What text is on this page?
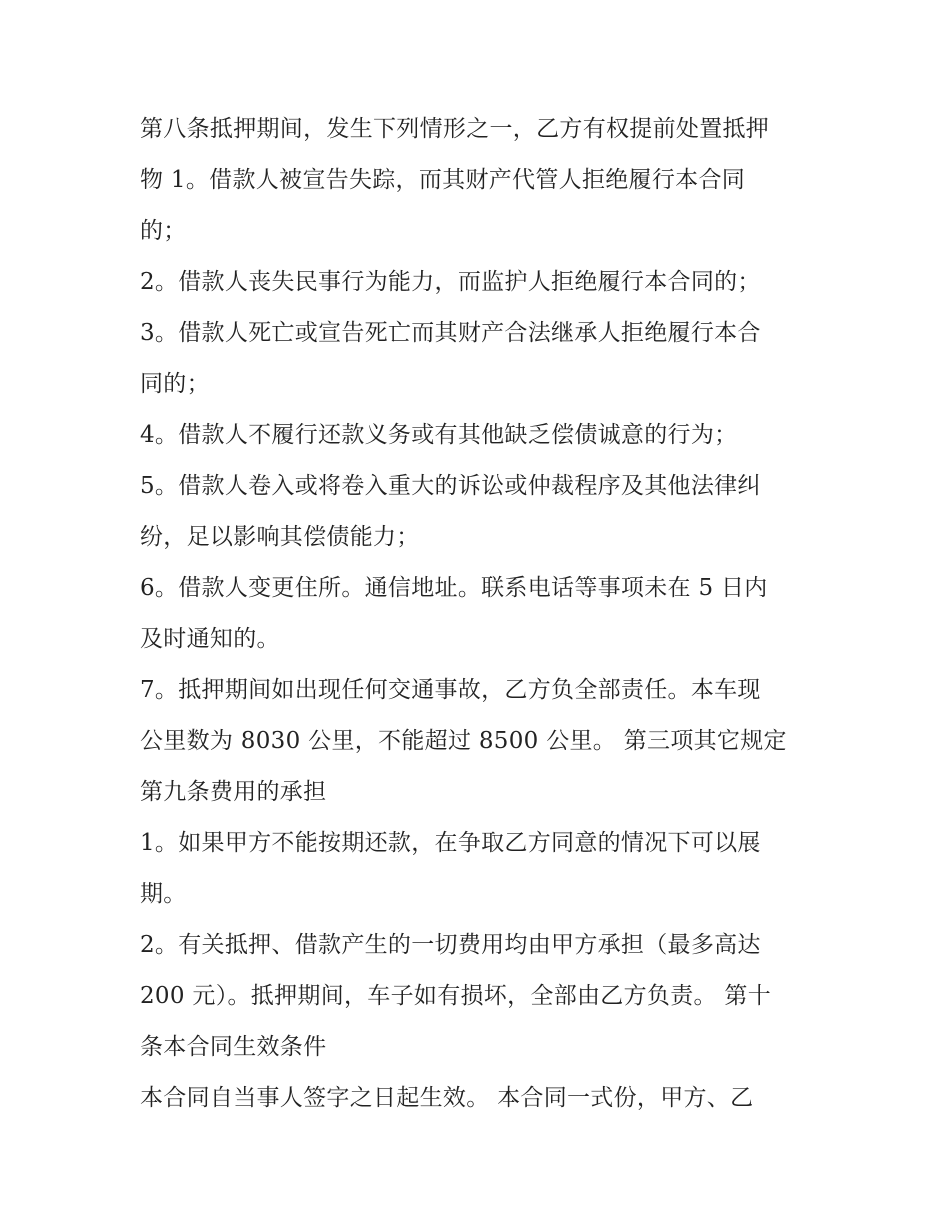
第八条抵押期间，发生下列情形之一，乙方有权提前处置抵押
物 1。借款人被宣告失踪，而其财产代管人拒绝履行本合同
的；
2。借款人丧失民事行为能力，而监护人拒绝履行本合同的；
3。借款人死亡或宣告死亡而其财产合法继承人拒绝履行本合
同的；
4。借款人不履行还款义务或有其他缺乏偿债诚意的行为；
5。借款人卷入或将卷入重大的诉讼或仲裁程序及其他法律纠
纷，足以影响其偿债能力；
6。借款人变更住所。通信地址。联系电话等事项未在 5 日内
及时通知的。
7。抵押期间如出现任何交通事故，乙方负全部责任。本车现
公里数为 8030 公里，不能超过 8500 公里。 第三项其它规定
第九条费用的承担
1。如果甲方不能按期还款，在争取乙方同意的情况下可以展
期。
2。有关抵押、借款产生的一切费用均由甲方承担（最多高达
200 元）。抵押期间，车子如有损坏，全部由乙方负责。 第十
条本合同生效条件
本合同自当事人签字之日起生效。 本合同一式份，甲方、乙
